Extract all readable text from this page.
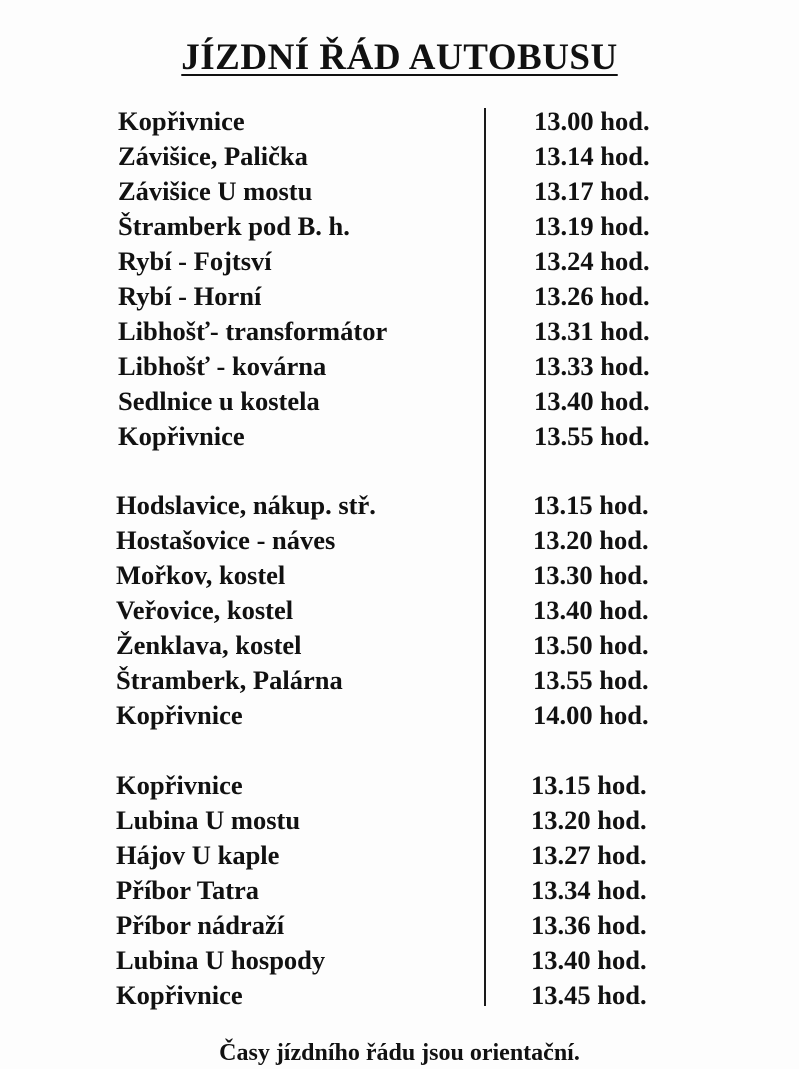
JÍZDNÍ ŘÁD AUTOBUSU
Kopřivnice	13.00 hod.
Závišice, Palička	13.14 hod.
Závišice U mostu	13.17 hod.
Štramberk pod B. h.	13.19 hod.
Rybí - Fojtsví	13.24 hod.
Rybí - Horní	13.26 hod.
Libhošť- transformátor	13.31 hod.
Libhošť - kovárna	13.33 hod.
Sedlnice u kostela	13.40 hod.
Kopřivnice	13.55 hod.
Hodslavice, nákup. stř.	13.15 hod.
Hostašovice - náves	13.20 hod.
Mořkov, kostel	13.30 hod.
Veřovice, kostel	13.40 hod.
Ženklava, kostel	13.50 hod.
Štramberk, Palárna	13.55 hod.
Kopřivnice	14.00 hod.
Kopřivnice	13.15 hod.
Lubina U mostu	13.20 hod.
Hájov U kaple	13.27 hod.
Příbor Tatra	13.34 hod.
Příbor nádraží	13.36 hod.
Lubina U hospody	13.40 hod.
Kopřivnice	13.45 hod.
Časy jízdního řádu jsou orientační.
